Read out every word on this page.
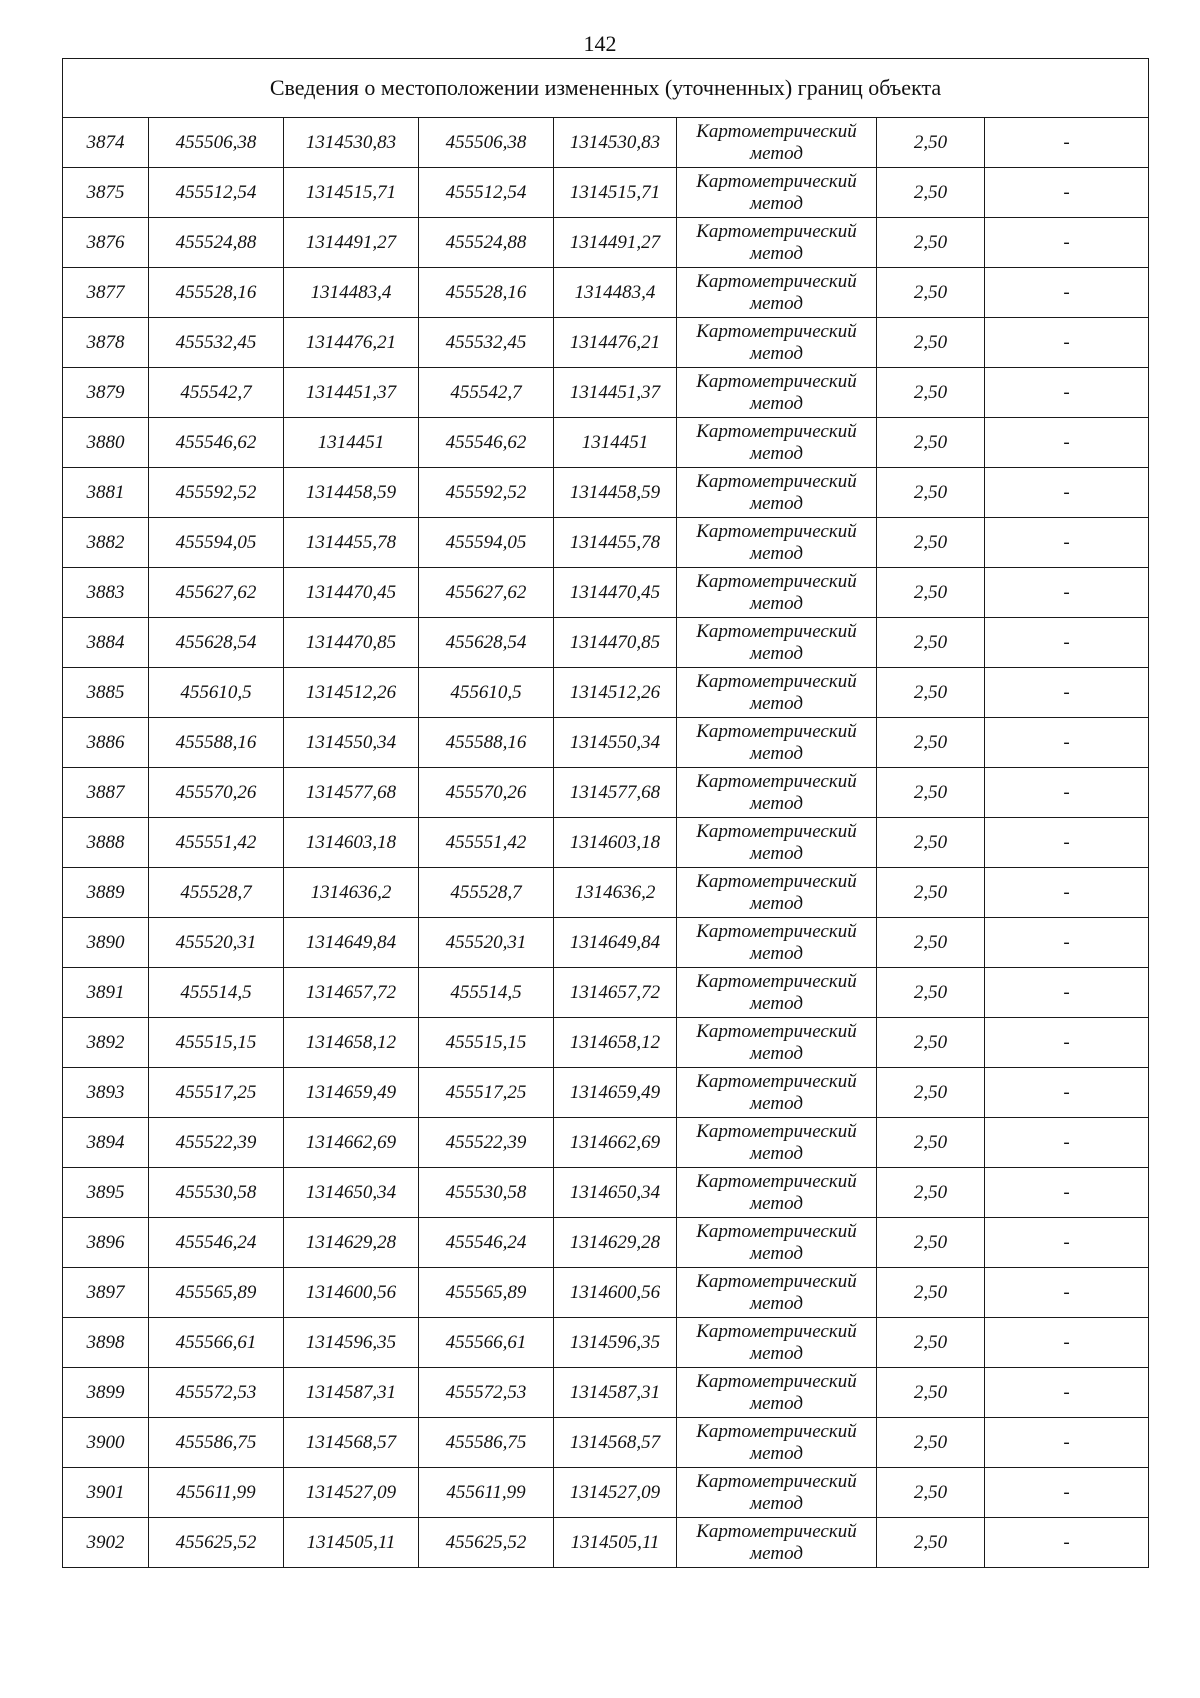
142
Сведения о местоположении измененных (уточненных) границ объекта							
3874	455506,38	1314530,83	455506,38	1314530,83	Картометрический метод	2,50	-
3875	455512,54	1314515,71	455512,54	1314515,71	Картометрический метод	2,50	-
3876	455524,88	1314491,27	455524,88	1314491,27	Картометрический метод	2,50	-
3877	455528,16	1314483,4	455528,16	1314483,4	Картометрический метод	2,50	-
3878	455532,45	1314476,21	455532,45	1314476,21	Картометрический метод	2,50	-
3879	455542,7	1314451,37	455542,7	1314451,37	Картометрический метод	2,50	-
3880	455546,62	1314451	455546,62	1314451	Картометрический метод	2,50	-
3881	455592,52	1314458,59	455592,52	1314458,59	Картометрический метод	2,50	-
3882	455594,05	1314455,78	455594,05	1314455,78	Картометрический метод	2,50	-
3883	455627,62	1314470,45	455627,62	1314470,45	Картометрический метод	2,50	-
3884	455628,54	1314470,85	455628,54	1314470,85	Картометрический метод	2,50	-
3885	455610,5	1314512,26	455610,5	1314512,26	Картометрический метод	2,50	-
3886	455588,16	1314550,34	455588,16	1314550,34	Картометрический метод	2,50	-
3887	455570,26	1314577,68	455570,26	1314577,68	Картометрический метод	2,50	-
3888	455551,42	1314603,18	455551,42	1314603,18	Картометрический метод	2,50	-
3889	455528,7	1314636,2	455528,7	1314636,2	Картометрический метод	2,50	-
3890	455520,31	1314649,84	455520,31	1314649,84	Картометрический метод	2,50	-
3891	455514,5	1314657,72	455514,5	1314657,72	Картометрический метод	2,50	-
3892	455515,15	1314658,12	455515,15	1314658,12	Картометрический метод	2,50	-
3893	455517,25	1314659,49	455517,25	1314659,49	Картометрический метод	2,50	-
3894	455522,39	1314662,69	455522,39	1314662,69	Картометрический метод	2,50	-
3895	455530,58	1314650,34	455530,58	1314650,34	Картометрический метод	2,50	-
3896	455546,24	1314629,28	455546,24	1314629,28	Картометрический метод	2,50	-
3897	455565,89	1314600,56	455565,89	1314600,56	Картометрический метод	2,50	-
3898	455566,61	1314596,35	455566,61	1314596,35	Картометрический метод	2,50	-
3899	455572,53	1314587,31	455572,53	1314587,31	Картометрический метод	2,50	-
3900	455586,75	1314568,57	455586,75	1314568,57	Картометрический метод	2,50	-
3901	455611,99	1314527,09	455611,99	1314527,09	Картометрический метод	2,50	-
3902	455625,52	1314505,11	455625,52	1314505,11	Картометрический метод	2,50	-
